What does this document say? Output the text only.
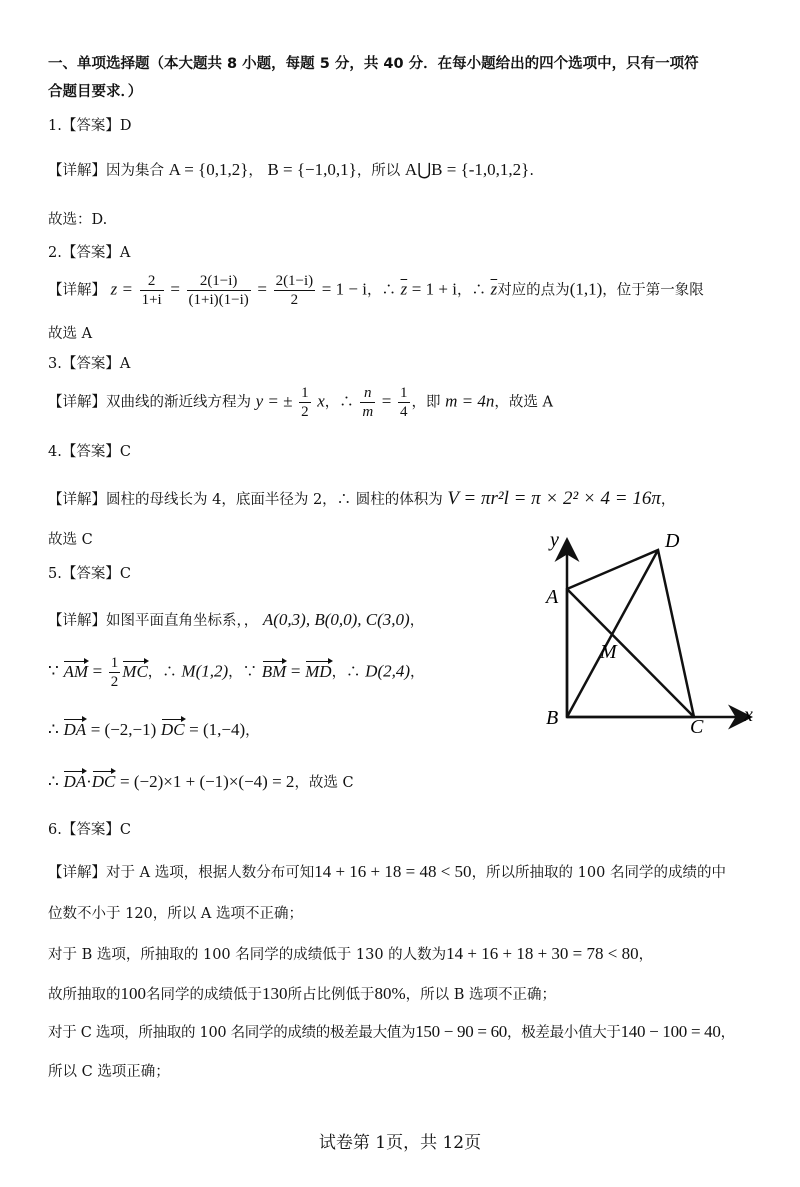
一、单项选择题（本大题共 8 小题，每题 5 分，共 40 分．在每小题给出的四个选项中，只有一项符
合题目要求．）
1.【答案】D
【详解】因为集合 A = {0,1,2}， B = {−1,0,1}，所以 A⋃B = {-1,0,1,2}.
故选：D.
2.【答案】A
【详解】 $z = \frac{2}{1+i} = \frac{2(1-i)}{(1+i)(1-i)} = \frac{2(1-i)}{2} = 1 - i$，∴ $\overline{z} = 1 + i$，∴ $\overline{z}$对应的点为(1,1)，位于第一象限
故选 A
3.【答案】A
【详解】双曲线的渐近线方程为 y = ± $\frac{1}{2}$ x，∴ $\frac{n}{m} = \frac{1}{4}$ ，即 m = 4n，故选 A
4.【答案】C
【详解】圆柱的母线长为 4，底面半径为 2，∴ 圆柱的体积为 V = πr²l = π × 2² × 4 = 16π，
故选 C
5.【答案】C
【详解】如图平面直角坐标系，， A(0,3), B(0,0), C(3,0)，
∵ AM = $\frac{1}{2}$ MC，∴ M(1,2)，∵ BM = MD，∴ D(2,4)，
∴ DA = (−2,−1) DC = (1,−4)，
∴ DA·DC = (−2)×1 + (−1)×(−4) = 2，故选 C
y
x
A
B	C
D
M
6.【答案】C
【详解】对于 A 选项，根据人数分布可知14 + 16 + 18 = 48 < 50，所以所抽取的 100 名同学的成绩的中
位数不小于 120，所以 A 选项不正确；
对于 B 选项，所抽取的 100 名同学的成绩低于 130 的人数为14 + 16 + 18 + 30 = 78 < 80，
故所抽取的100名同学的成绩低于130所占比例低于80%，所以 B 选项不正确；
对于 C 选项，所抽取的 100 名同学的成绩的极差最大值为150 − 90 = 60，极差最小值大于140 − 100 = 40，
所以 C 选项正确；
试卷第 1页，共 12页
